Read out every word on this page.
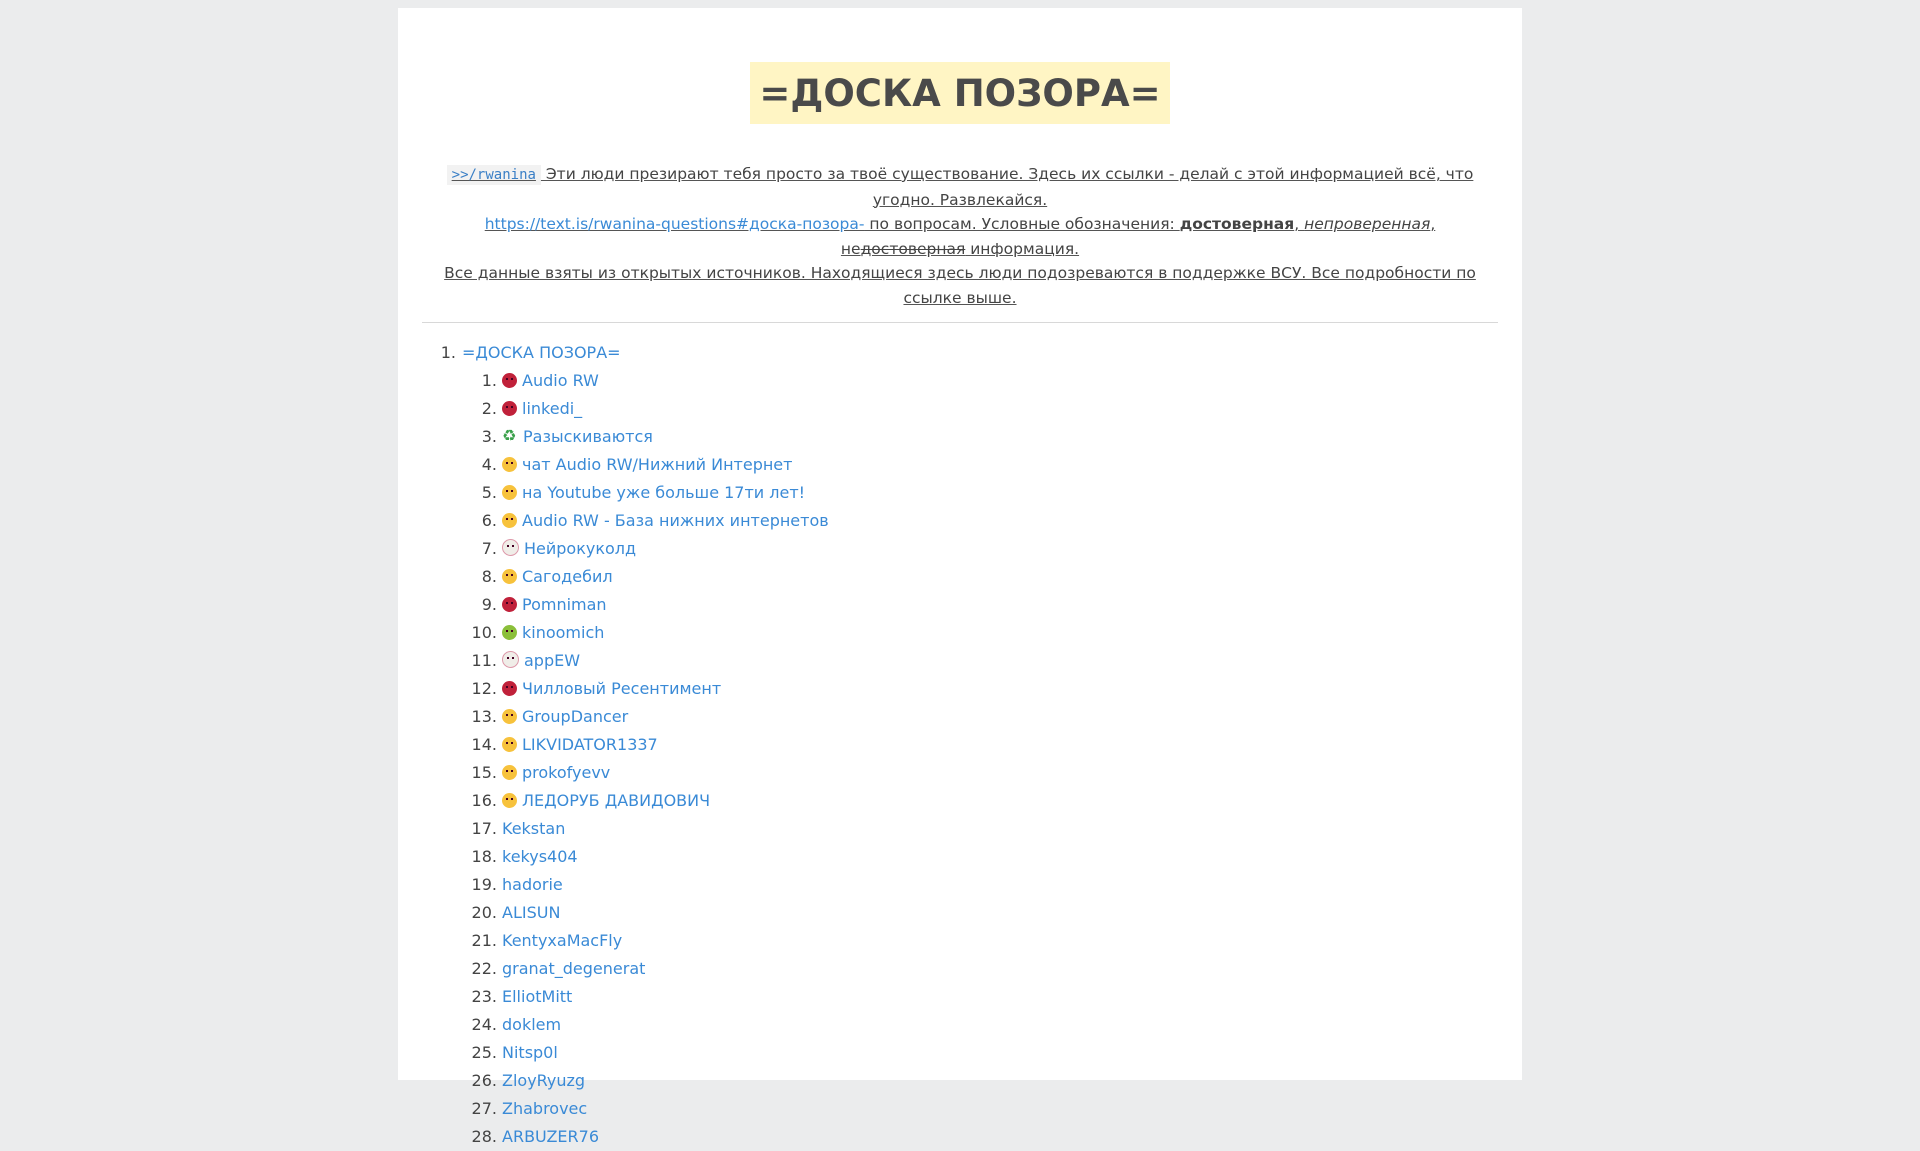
=ДОСКА ПОЗОРА=
>>/rwanina Эти люди презирают тебя просто за твоё существование. Здесь их ссылки - делай с этой информацией всё, что угодно. Развлекайся.
https://text.is/rwanina-questions#доска-позора- по вопросам. Условные обозначения: достоверная, непроверенная, недостоверная информация.
Все данные взяты из открытых источников. Находящиеся здесь люди подозреваются в поддержке ВСУ. Все подробности по ссылке выше.
1. =ДОСКА ПОЗОРА=
1. Audio RW
2. linkedi_
3.
♻ Разыскиваются
4. чат Audio RW/Нижний Интернет
5. на Youtube уже больше 17ти лет!
6. Audio RW - База нижних интернетов
7. Нейрокуколд
8. Сагодебил
9. Pomniman
10. kinoomich
11. appEW
12. Чилловый Ресентимент
13. GroupDancer
14. LIKVIDATOR1337
15. prokofyevv
16. ЛЕДОРУБ ДАВИДОВИЧ
17. Kekstan
18. kekys404
19. hadorie
20. ALISUN
21. KentyxaMacFly
22. granat_degenerat
23. ElliotMitt
24. doklem
25. Nitsp0l
26. ZloyRyuzg
27. Zhabrovec
28. ARBUZER76
